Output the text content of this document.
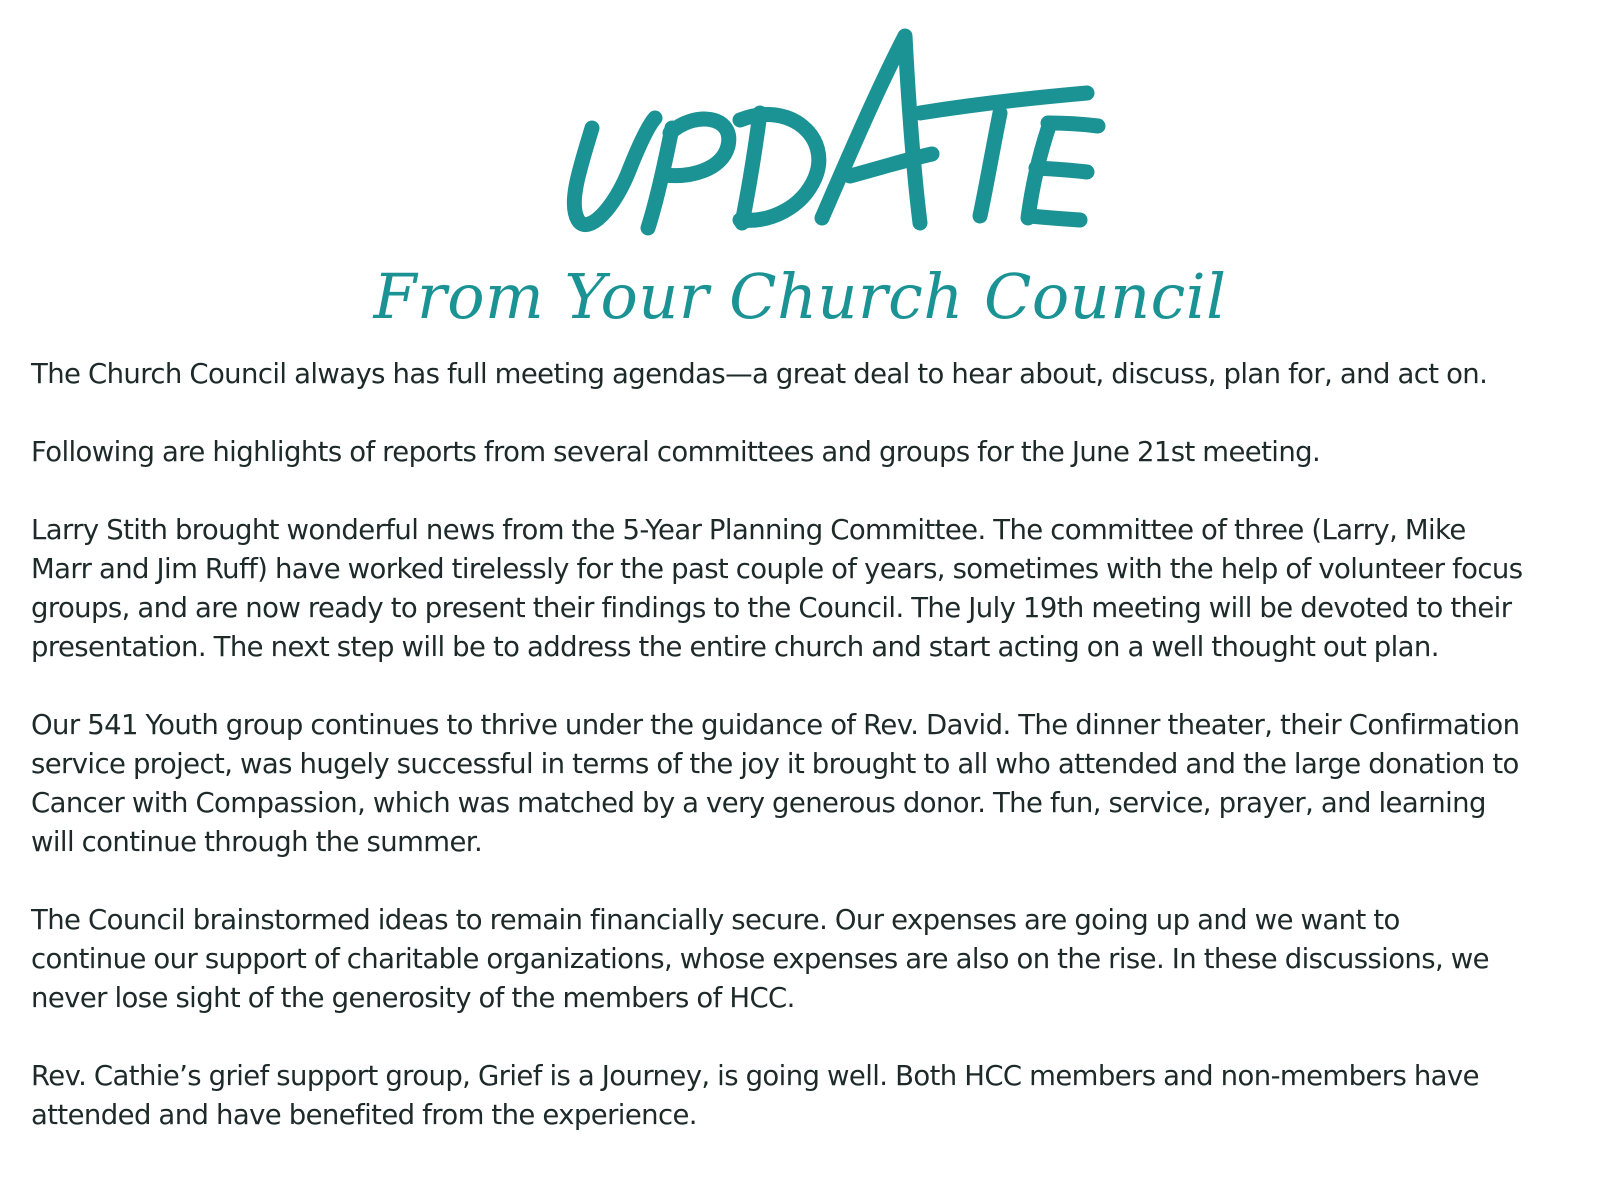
From Your Church Council

The Church Council always has full meeting agendas—a great deal to hear about, discuss, plan for, and act on.

Following are highlights of reports from several committees and groups for the June 21st meeting.

Larry Stith brought wonderful news from the 5-Year Planning Committee. The committee of three (Larry, Mike
Marr and Jim Ruff) have worked tirelessly for the past couple of years, sometimes with the help of volunteer focus
groups, and are now ready to present their findings to the Council. The July 19th meeting will be devoted to their
presentation. The next step will be to address the entire church and start acting on a well thought out plan.

Our 541 Youth group continues to thrive under the guidance of Rev. David. The dinner theater, their Confirmation
service project, was hugely successful in terms of the joy it brought to all who attended and the large donation to
Cancer with Compassion, which was matched by a very generous donor. The fun, service, prayer, and learning
will continue through the summer.

The Council brainstormed ideas to remain financially secure. Our expenses are going up and we want to
continue our support of charitable organizations, whose expenses are also on the rise. In these discussions, we
never lose sight of the generosity of the members of HCC.

Rev. Cathie’s grief support group, Grief is a Journey, is going well. Both HCC members and non-members have
attended and have benefited from the experience.
